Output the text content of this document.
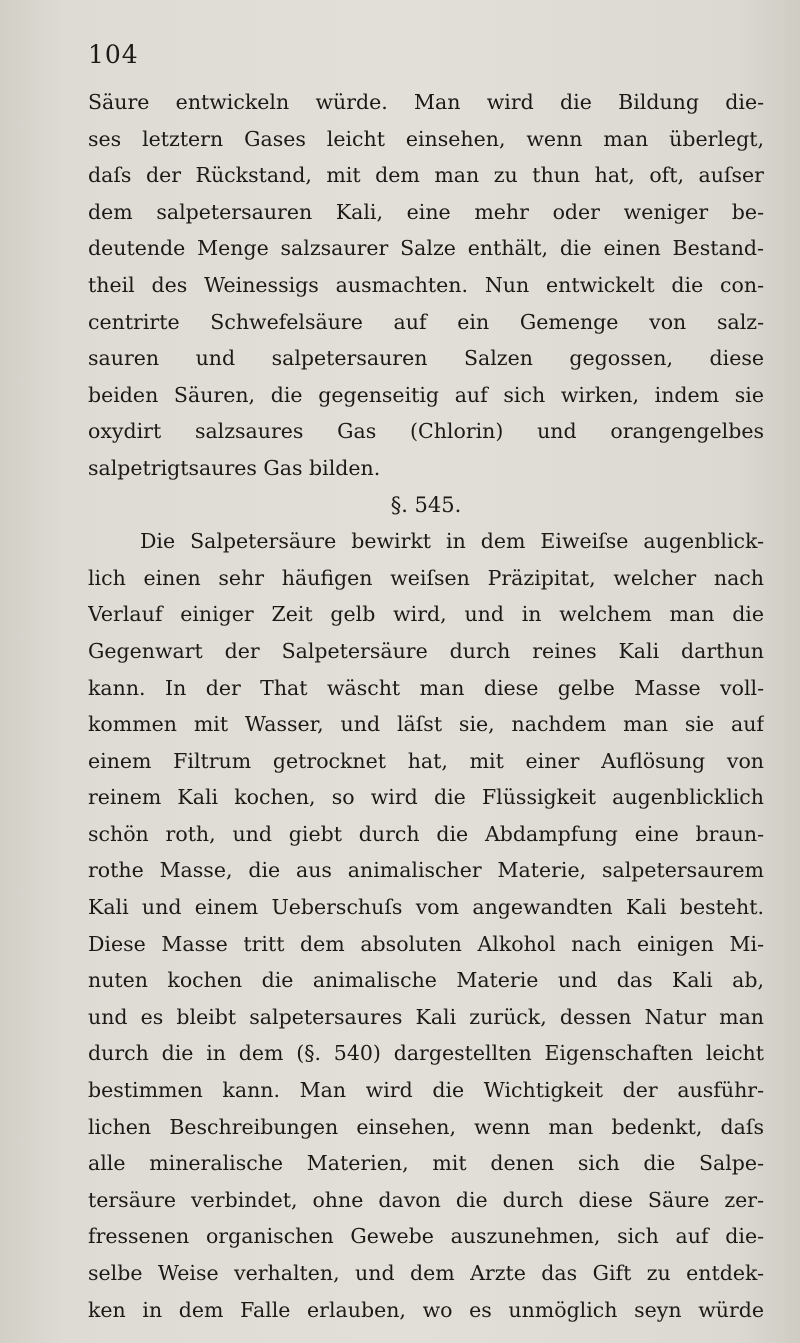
104
Säure entwickeln würde. Man wird die Bildung die-
ses letztern Gases leicht einsehen, wenn man überlegt,
daſs der Rückstand, mit dem man zu thun hat, oft, auſser
dem salpetersauren Kali, eine mehr oder weniger be-
deutende Menge salzsaurer Salze enthält, die einen Bestand-
theil des Weinessigs ausmachten. Nun entwickelt die con-
centrirte Schwefelsäure auf ein Gemenge von salz-
sauren und salpetersauren Salzen gegossen, diese
beiden Säuren, die gegenseitig auf sich wirken, indem sie
oxydirt salzsaures Gas (Chlorin) und orangengelbes
salpetrigtsaures Gas bilden.
§. 545.
Die Salpetersäure bewirkt in dem Eiweiſse augenblick-
lich einen sehr häufigen weiſsen Präzipitat, welcher nach
Verlauf einiger Zeit gelb wird, und in welchem man die
Gegenwart der Salpetersäure durch reines Kali darthun
kann. In der That wäscht man diese gelbe Masse voll-
kommen mit Wasser, und läſst sie, nachdem man sie auf
einem Filtrum getrocknet hat, mit einer Auflösung von
reinem Kali kochen, so wird die Flüssigkeit augenblicklich
schön roth, und giebt durch die Abdampfung eine braun-
rothe Masse, die aus animalischer Materie, salpetersaurem
Kali und einem Ueberschuſs vom angewandten Kali besteht.
Diese Masse tritt dem absoluten Alkohol nach einigen Mi-
nuten kochen die animalische Materie und das Kali ab,
und es bleibt salpetersaures Kali zurück, dessen Natur man
durch die in dem (§. 540) dargestellten Eigenschaften leicht
bestimmen kann. Man wird die Wichtigkeit der ausführ-
lichen Beschreibungen einsehen, wenn man bedenkt, daſs
alle mineralische Materien, mit denen sich die Salpe-
tersäure verbindet, ohne davon die durch diese Säure zer-
fressenen organischen Gewebe auszunehmen, sich auf die-
selbe Weise verhalten, und dem Arzte das Gift zu entdek-
ken in dem Falle erlauben, wo es unmöglich seyn würde
